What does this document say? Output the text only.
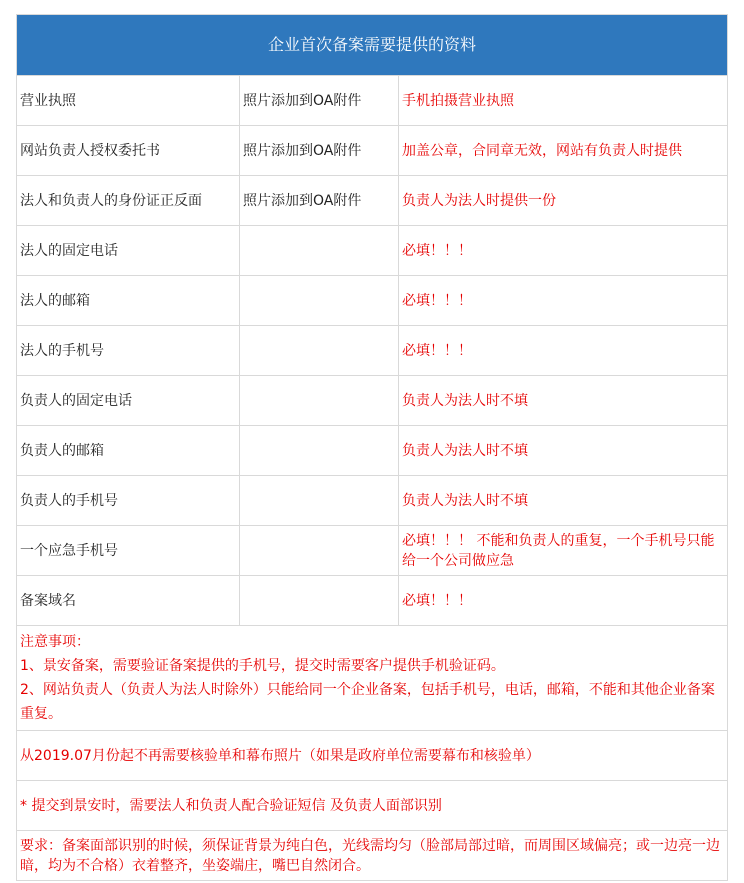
企业首次备案需要提供的资料		
营业执照	照片添加到OA附件	手机拍摄营业执照
网站负责人授权委托书	照片添加到OA附件	加盖公章，合同章无效，网站有负责人时提供
法人和负责人的身份证正反面	照片添加到OA附件	负责人为法人时提供一份
法人的固定电话		必填！！！
法人的邮箱		必填！！！
法人的手机号		必填！！！
负责人的固定电话		负责人为法人时不填
负责人的邮箱		负责人为法人时不填
负责人的手机号		负责人为法人时不填
一个应急手机号		必填！！！ 不能和负责人的重复，一个手机号只能给一个公司做应急
备案域名		必填！！！

注意事项：
1、景安备案，需要验证备案提供的手机号，提交时需要客户提供手机验证码。
2、网站负责人（负责人为法人时除外）只能给同一个企业备案，包括手机号，电话，邮箱，不能和其他企业备案重复。		

从2019.07月份起不再需要核验单和幕布照片（如果是政府单位需要幕布和核验单）		
* 提交到景安时，需要法人和负责人配合验证短信 及负责人面部识别		
要求：备案面部识别的时候，须保证背景为纯白色，光线需均匀（脸部局部过暗，而周围区域偏亮；或一边亮一边暗，均为不合格）衣着整齐，坐姿端庄，嘴巴自然闭合。		
